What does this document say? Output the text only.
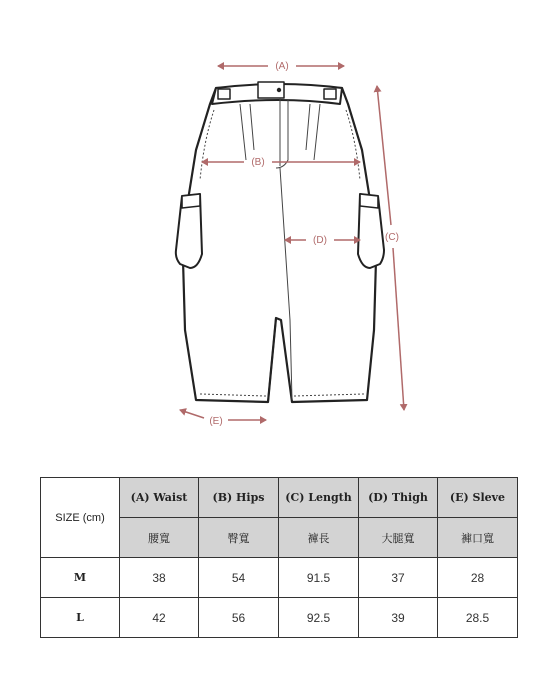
(A)
(B)
(C)
(D)
(E)
SIZE (cm)	(A) Waist	(B) Hips	(C) Length	(D) Thigh	(E) Sleve
	腰寬	臀寬	褲長	大腿寬	褲口寬
M	38	54	91.5	37	28
L	42	56	92.5	39	28.5
